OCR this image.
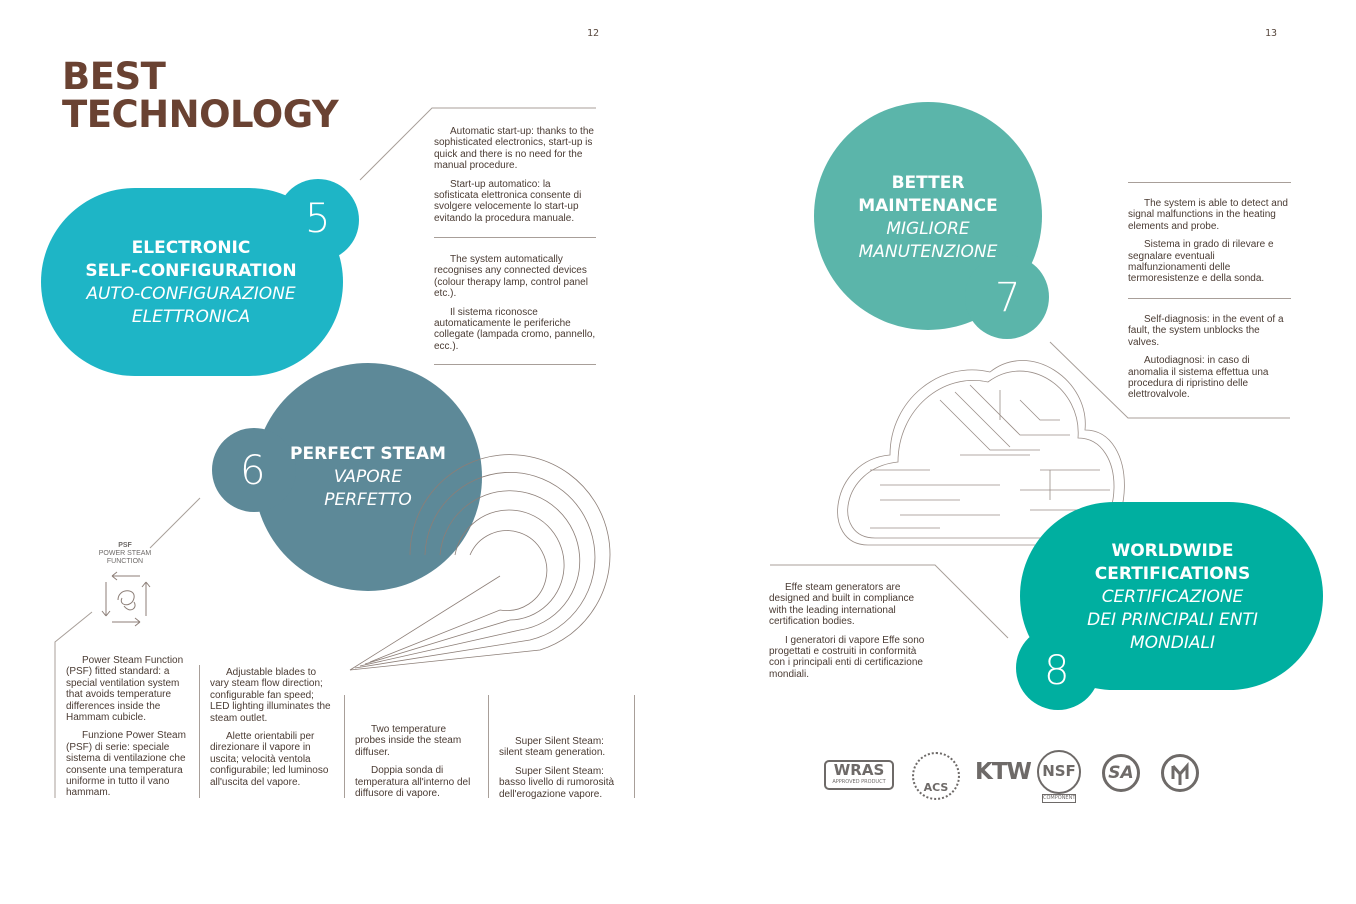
12	13
BEST
TECHNOLOGY
5
ELECTRONIC
SELF-CONFIGURATION
AUTO-CONFIGURAZIONE
ELETTRONICA

Automatic start-up: thanks to the sophisticated electronics, start-up is quick and there is no need for the manual procedure.

Start-up automatico: la sofisticata elettronica consente di svolgere velocemente lo start-up evitando la procedura manuale.

The system automatically recognises any connected devices (colour therapy lamp, control panel etc.).

Il sistema riconosce automaticamente le periferiche collegate (lampada cromo, pannello, ecc.).

6 PERFECT STEAM
VAPORE
PERFETTO
PSF
POWER STEAM
FUNCTION

Power Steam Function (PSF) fitted standard: a special ventilation system that avoids temperature differences inside the Hammam cubicle.

Funzione Power Steam (PSF) di serie: speciale sistema di ventilazione che consente una temperatura uniforme in tutto il vano hammam.

Adjustable blades to vary steam flow direction; configurable fan speed; LED lighting illuminates the steam outlet.

Alette orientabili per direzionare il vapore in uscita; velocità ventola configurabile; led luminoso all'uscita del vapore.

Two temperature probes inside the steam diffuser.

Doppia sonda di temperatura all'interno del diffusore di vapore.

Super Silent Steam: silent steam generation.

Super Silent Steam: basso livello di rumorosità dell'erogazione vapore.

BETTER
MAINTENANCE
MIGLIORE
MANUTENZIONE
7

The system is able to detect and signal malfunctions in the heating elements and probe.

Sistema in grado di rilevare e segnalare eventuali malfunzionamenti delle termoresistenze e della sonda.

Self-diagnosis: in the event of a fault, the system unblocks the valves.

Autodiagnosi: in caso di anomalia il sistema effettua una procedura di ripristino delle elettrovalvole.

WORLDWIDE
CERTIFICATIONS
CERTIFICAZIONE
DEI PRINCIPALI ENTI
MONDIALI
8

Effe steam generators are designed and built in compliance with the leading international certification bodies.

I generatori di vapore Effe sono progettati e costruiti in conformità con i principali enti di certificazione mondiali.

WRAS
APPROVED PRODUCT	ACS
KTW NSF
COMPONENT
SA
